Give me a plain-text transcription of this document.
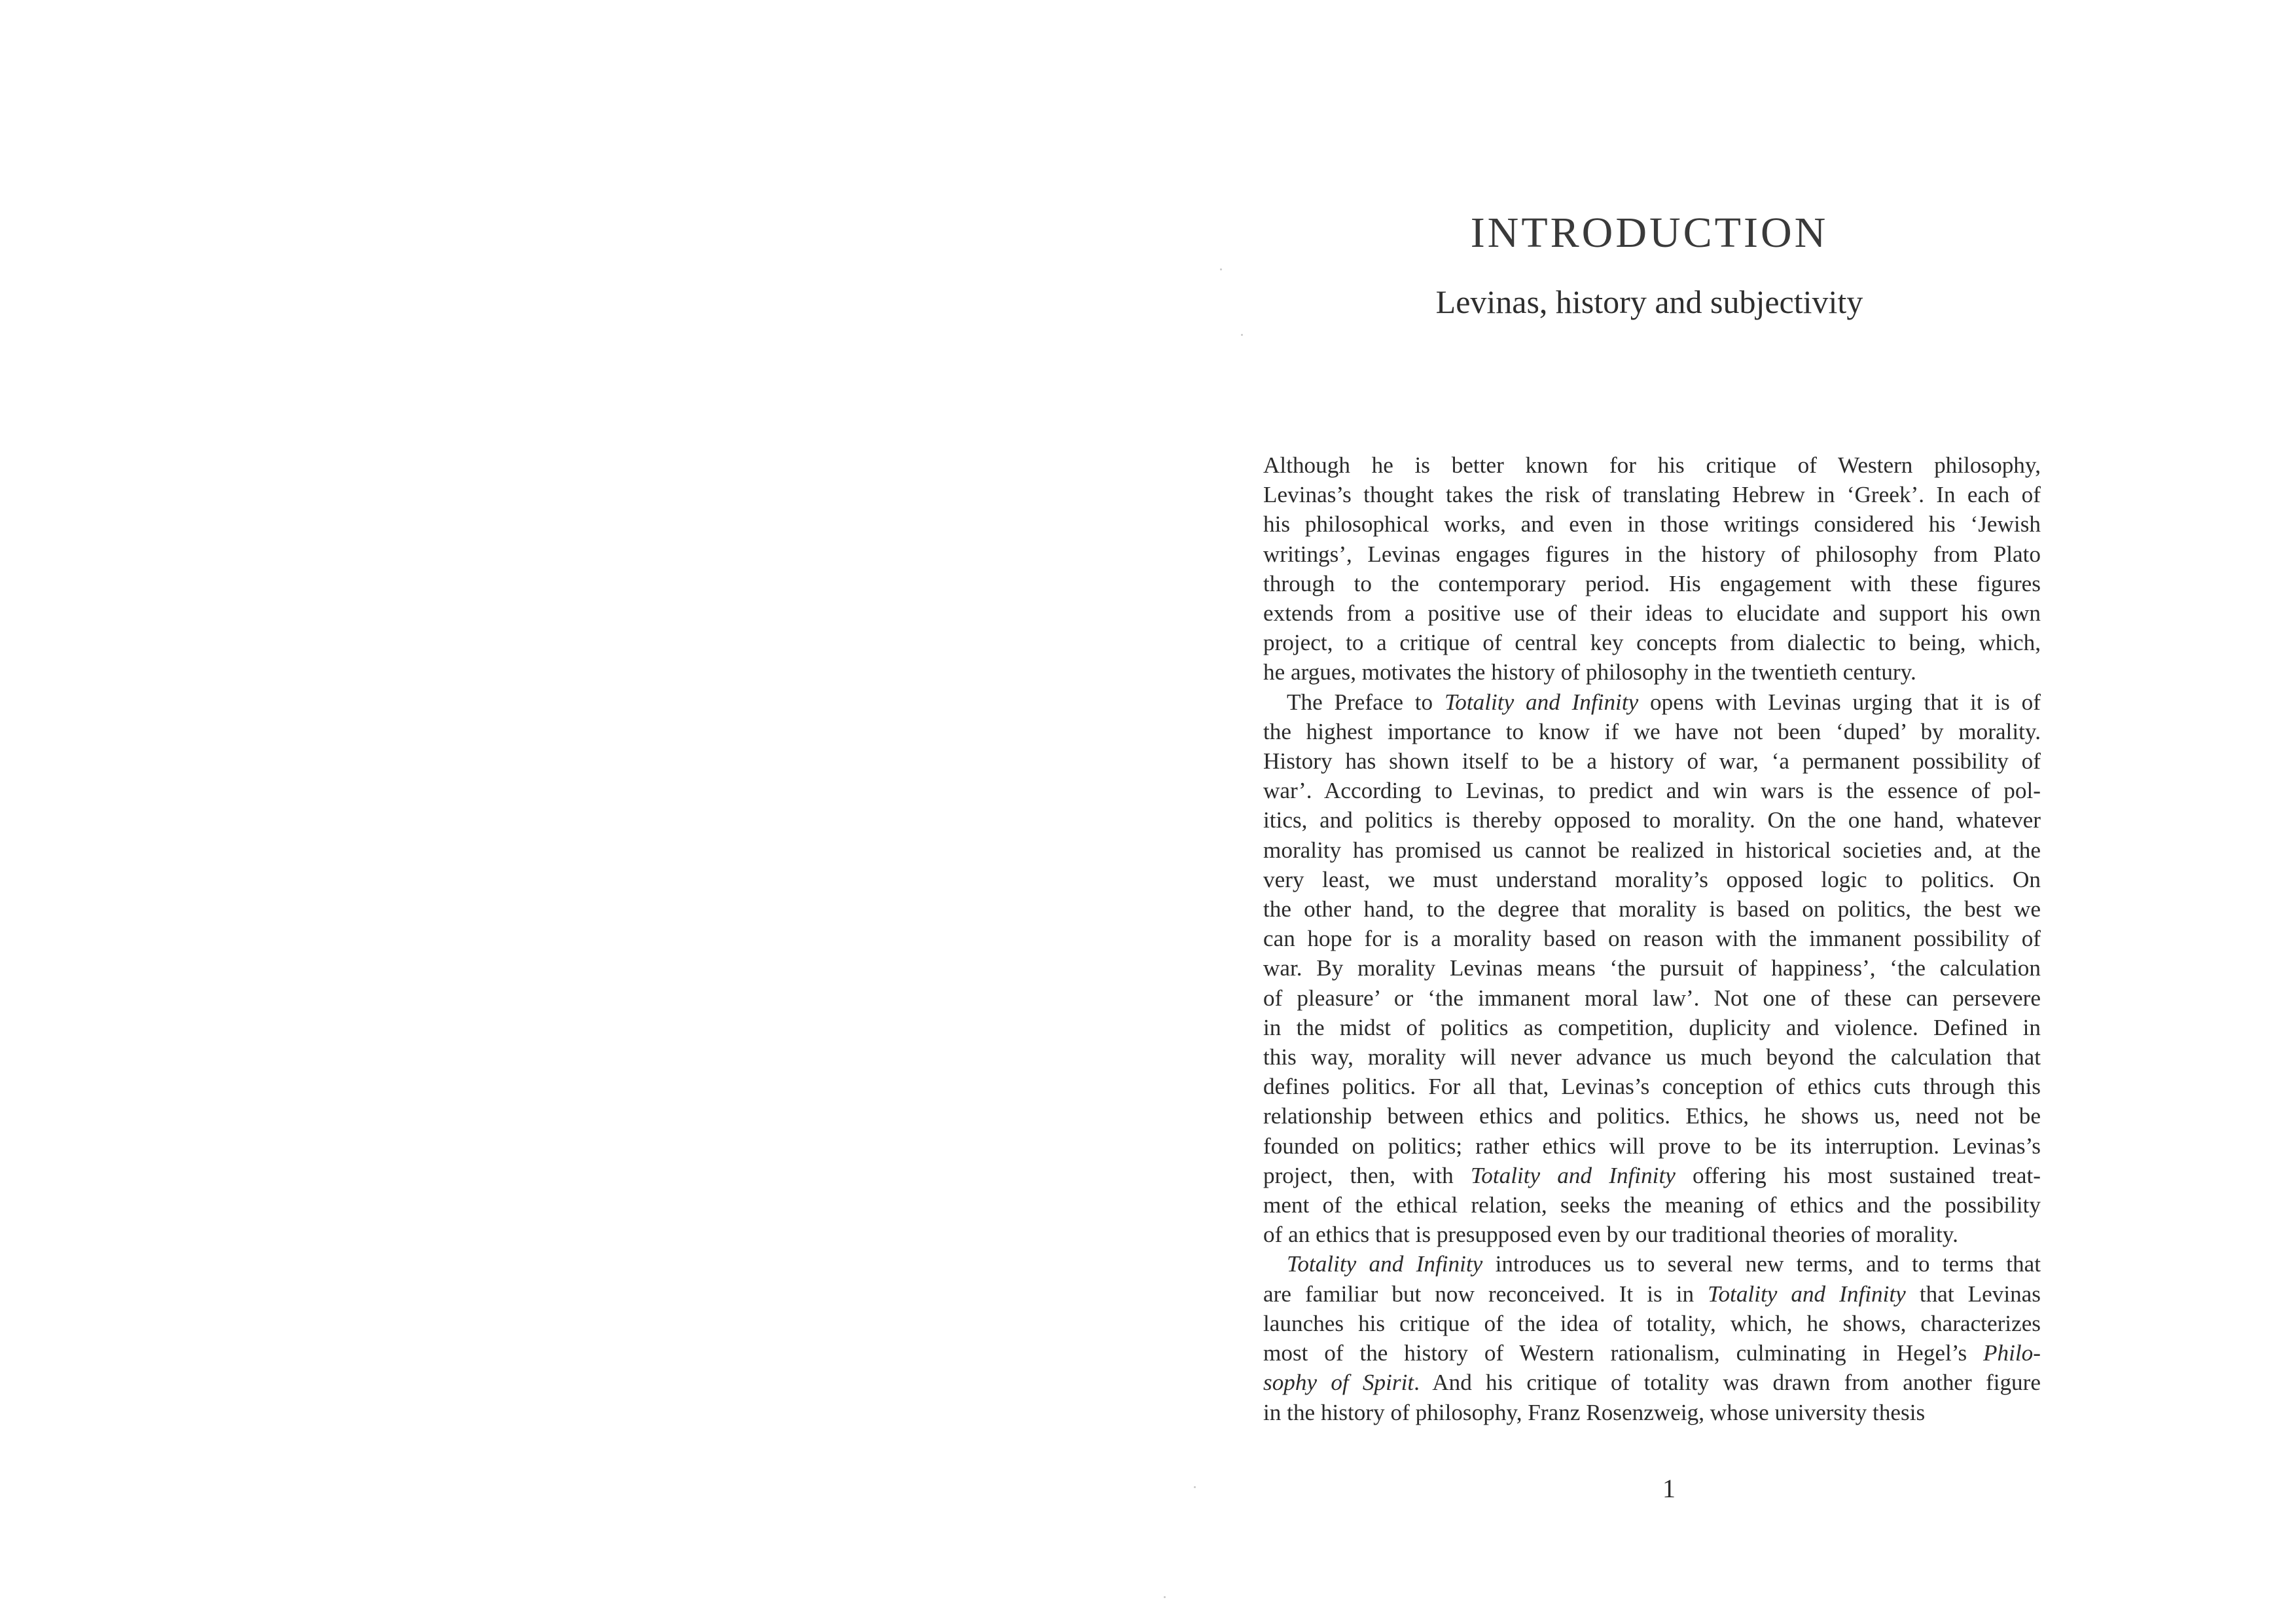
INTRODUCTION
Levinas, history and subjectivity
Although he is better known for his critique of Western philosophy,
Levinas’s thought takes the risk of translating Hebrew in ‘Greek’. In each of
his philosophical works, and even in those writings considered his ‘Jewish
writings’, Levinas engages figures in the history of philosophy from Plato
through to the contemporary period. His engagement with these figures
extends from a positive use of their ideas to elucidate and support his own
project, to a critique of central key concepts from dialectic to being, which,
he argues, motivates the history of philosophy in the twentieth century.
The Preface to Totality and Infinity opens with Levinas urging that it is of
the highest importance to know if we have not been ‘duped’ by morality.
History has shown itself to be a history of war, ‘a permanent possibility of
war’. According to Levinas, to predict and win wars is the essence of pol-
itics, and politics is thereby opposed to morality. On the one hand, whatever
morality has promised us cannot be realized in historical societies and, at the
very least, we must understand morality’s opposed logic to politics. On
the other hand, to the degree that morality is based on politics, the best we
can hope for is a morality based on reason with the immanent possibility of
war. By morality Levinas means ‘the pursuit of happiness’, ‘the calculation
of pleasure’ or ‘the immanent moral law’. Not one of these can persevere
in the midst of politics as competition, duplicity and violence. Defined in
this way, morality will never advance us much beyond the calculation that
defines politics. For all that, Levinas’s conception of ethics cuts through this
relationship between ethics and politics. Ethics, he shows us, need not be
founded on politics; rather ethics will prove to be its interruption. Levinas’s
project, then, with Totality and Infinity offering his most sustained treat-
ment of the ethical relation, seeks the meaning of ethics and the possibility
of an ethics that is presupposed even by our traditional theories of morality.
Totality and Infinity introduces us to several new terms, and to terms that
are familiar but now reconceived. It is in Totality and Infinity that Levinas
launches his critique of the idea of totality, which, he shows, characterizes
most of the history of Western rationalism, culminating in Hegel’s Philo-
sophy of Spirit. And his critique of totality was drawn from another figure
in the history of philosophy, Franz Rosenzweig, whose university thesis
1
